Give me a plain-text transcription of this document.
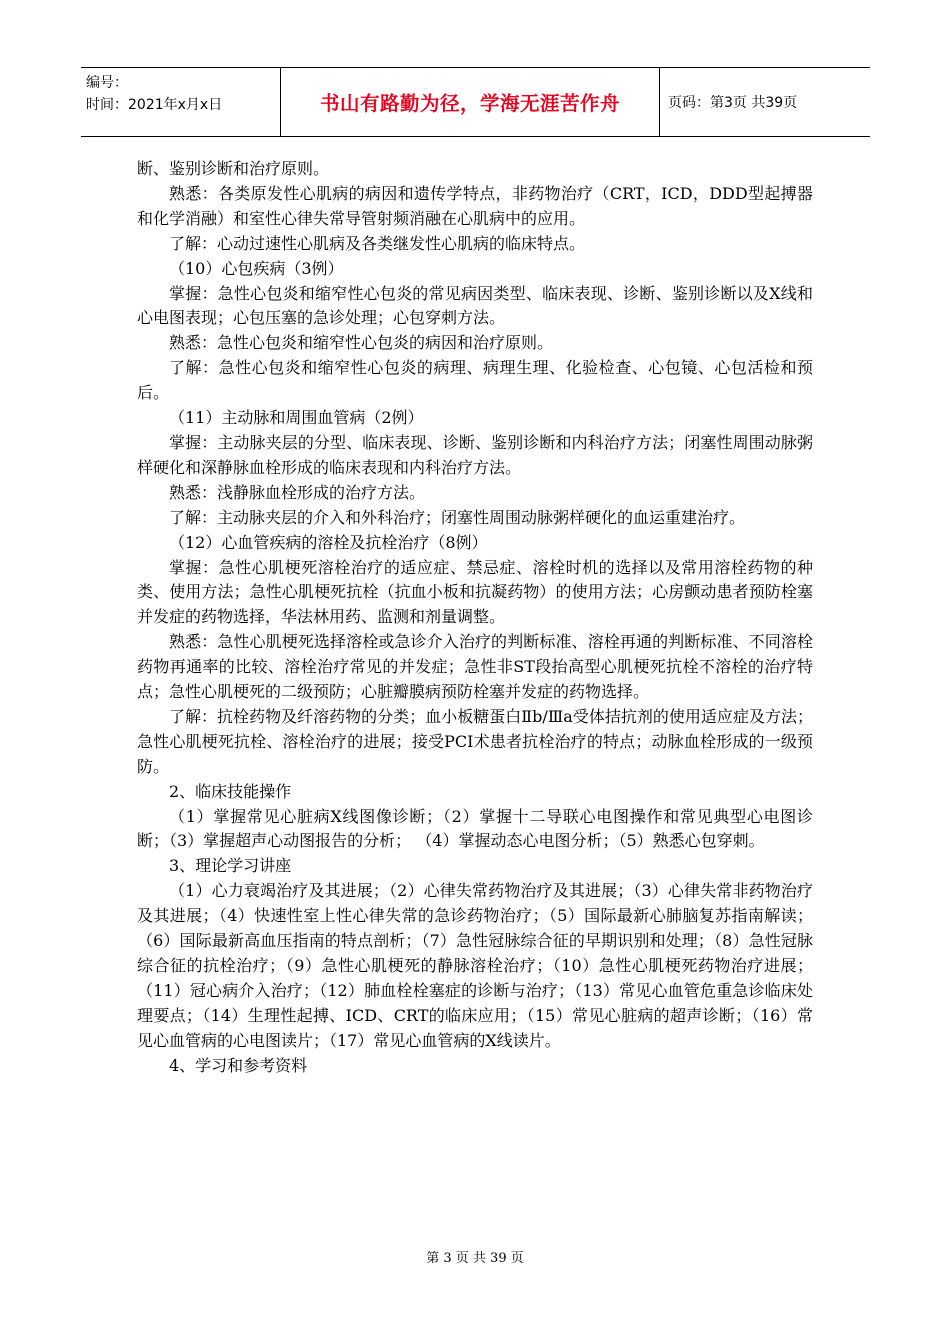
编号：
时间：2021年x月x日	书山有路勤为径，学海无涯苦作舟	页码：第3页 共39页

断、鉴别诊断和治疗原则。

熟悉：各类原发性心肌病的病因和遗传学特点，非药物治疗（CRT，ICD，DDD型起搏器和化学消融）和室性心律失常导管射频消融在心肌病中的应用。

了解：心动过速性心肌病及各类继发性心肌病的临床特点。

（10）心包疾病（3例）

掌握：急性心包炎和缩窄性心包炎的常见病因类型、临床表现、诊断、鉴别诊断以及X线和心电图表现；心包压塞的急诊处理；心包穿刺方法。

熟悉：急性心包炎和缩窄性心包炎的病因和治疗原则。

了解：急性心包炎和缩窄性心包炎的病理、病理生理、化验检查、心包镜、心包活检和预后。

（11）主动脉和周围血管病（2例）

掌握：主动脉夹层的分型、临床表现、诊断、鉴别诊断和内科治疗方法；闭塞性周围动脉粥样硬化和深静脉血栓形成的临床表现和内科治疗方法。

熟悉：浅静脉血栓形成的治疗方法。

了解：主动脉夹层的介入和外科治疗；闭塞性周围动脉粥样硬化的血运重建治疗。

（12）心血管疾病的溶栓及抗栓治疗（8例）

掌握：急性心肌梗死溶栓治疗的适应症、禁忌症、溶栓时机的选择以及常用溶栓药物的种类、使用方法；急性心肌梗死抗栓（抗血小板和抗凝药物）的使用方法；心房颤动患者预防栓塞并发症的药物选择，华法林用药、监测和剂量调整。

熟悉：急性心肌梗死选择溶栓或急诊介入治疗的判断标准、溶栓再通的判断标准、不同溶栓药物再通率的比较、溶栓治疗常见的并发症；急性非ST段抬高型心肌梗死抗栓不溶栓的治疗特点；急性心肌梗死的二级预防；心脏瓣膜病预防栓塞并发症的药物选择。

了解：抗栓药物及纤溶药物的分类；血小板糖蛋白Ⅱb/Ⅲa受体拮抗剂的使用适应症及方法；急性心肌梗死抗栓、溶栓治疗的进展；接受PCI术患者抗栓治疗的特点；动脉血栓形成的一级预防。

2、临床技能操作

（1）掌握常见心脏病X线图像诊断；（2）掌握十二导联心电图操作和常见典型心电图诊断；（3）掌握超声心动图报告的分析； （4）掌握动态心电图分析；（5）熟悉心包穿刺。

3、理论学习讲座

（1）心力衰竭治疗及其进展；（2）心律失常药物治疗及其进展；（3）心律失常非药物治疗及其进展；（4）快速性室上性心律失常的急诊药物治疗；（5）国际最新心肺脑复苏指南解读；（6）国际最新高血压指南的特点剖析；（7）急性冠脉综合征的早期识别和处理；（8）急性冠脉综合征的抗栓治疗；（9）急性心肌梗死的静脉溶栓治疗；（10）急性心肌梗死药物治疗进展；（11）冠心病介入治疗；（12）肺血栓栓塞症的诊断与治疗；（13）常见心血管危重急诊临床处理要点；（14）生理性起搏、ICD、CRT的临床应用；（15）常见心脏病的超声诊断；（16）常见心血管病的心电图读片；（17）常见心血管病的X线读片。

4、学习和参考资料

第 3 页 共 39 页
